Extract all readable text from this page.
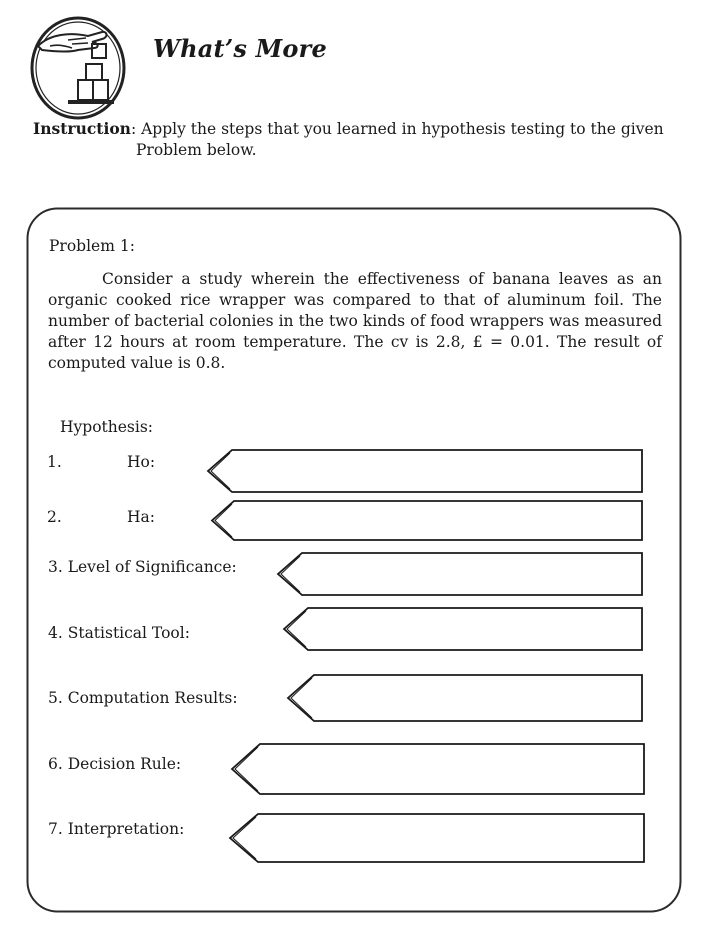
What’s More
Instruction: Apply the steps that you learned in hypothesis testing to the given
Problem below.
Problem 1:

Consider a study wherein the effectiveness of banana leaves as an organic cooked rice wrapper was compared to that of aluminum foil. The number of bacterial colonies in the two kinds of food wrappers was measured after 12 hours at room temperature. The cv is 2.8, £ = 0.01. The result of computed value is 0.8.

Hypothesis:
1.	Ho:
2.	Ha:
3. Level of Significance:
4. Statistical Tool:
5. Computation Results:
6. Decision Rule:
7. Interpretation:
